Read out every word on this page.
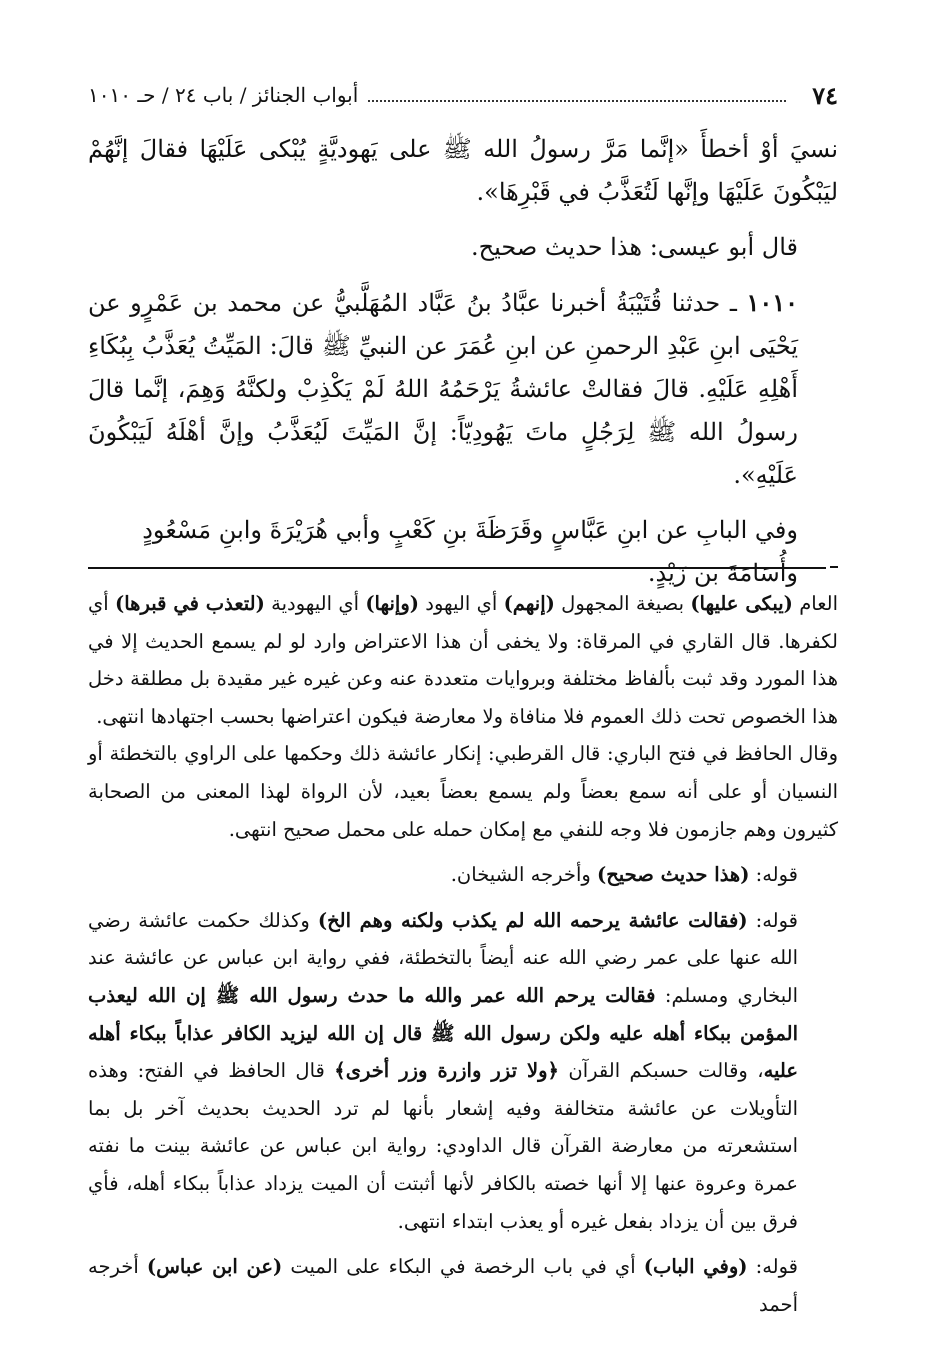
٧٤
أبواب الجنائز / باب ٢٤ / حـ ١٠١٠

نسيَ أوْ أخطأَ «إنَّما مَرَّ رسولُ الله ﷺ على يَهوديَّةٍ يُبْكى عَلَيْهَا فقالَ إنَّهُمْ ليَبْكُونَ عَلَيْهَا وإنَّها لَتُعَذَّبُ في قَبْرِهَا».

قال أبو عيسى: هذا حديث صحيح.

١٠١٠ ـ حدثنا قُتَيْبَةُ أخبرنا عبَّادُ بنُ عَبَّاد المُهَلَّبيُّ عن محمد بن عَمْرٍو عن يَحْيَى ابنِ عَبْدِ الرحمنِ عن ابنِ عُمَرَ عن النبيِّ ﷺ قالَ: المَيِّتُ يُعَذَّبُ بِبُكَاءِ أَهْلِهِ عَلَيْهِ. قالَ فقالتْ عائشةُ يَرْحَمُهُ اللهُ لَمْ يَكْذِبْ ولكنَّهُ وَهِمَ، إنَّما قالَ رسولُ الله ﷺ لِرَجُلٍ ماتَ يَهُودِيّاً: إنَّ المَيِّتَ لَيُعَذَّبُ وإنَّ أهْلَهُ لَيَبْكُونَ عَلَيْهِ».

وفي البابِ عن ابنِ عَبَّاسٍ وقَرَظَةَ بنِ كَعْبٍ وأبي هُرَيْرَةَ وابنِ مَسْعُودٍ وأُسَامَةَ بن زَيْدٍ.

العام (يبكى عليها) بصيغة المجهول (إنهم) أي اليهود (وإنها) أي اليهودية (لتعذب في قبرها) أي لكفرها. قال القاري في المرقاة: ولا يخفى أن هذا الاعتراض وارد لو لم يسمع الحديث إلا في هذا المورد وقد ثبت بألفاظ مختلفة وبروايات متعددة عنه وعن غيره غير مقيدة بل مطلقة دخل هذا الخصوص تحت ذلك العموم فلا منافاة ولا معارضة فيكون اعتراضها بحسب اجتهادها انتهى.

وقال الحافظ في فتح الباري: قال القرطبي: إنكار عائشة ذلك وحكمها على الراوي بالتخطئة أو النسيان أو على أنه سمع بعضاً ولم يسمع بعضاً بعيد، لأن الرواة لهذا المعنى من الصحابة كثيرون وهم جازمون فلا وجه للنفي مع إمكان حمله على محمل صحيح انتهى.

قوله: (هذا حديث صحيح) وأخرجه الشيخان.

قوله: (فقالت عائشة يرحمه الله لم يكذب ولكنه وهم الخ) وكذلك حكمت عائشة رضي الله عنها على عمر رضي الله عنه أيضاً بالتخطئة، ففي رواية ابن عباس عن عائشة عند البخاري ومسلم: فقالت يرحم الله عمر والله ما حدث رسول الله ﷺ إن الله ليعذب المؤمن ببكاء أهله عليه ولكن رسول الله ﷺ قال إن الله ليزيد الكافر عذاباً ببكاء أهله عليه، وقالت حسبكم القرآن ﴿ولا تزر وازرة وزر أخرى﴾ قال الحافظ في الفتح: وهذه التأويلات عن عائشة متخالفة وفيه إشعار بأنها لم ترد الحديث بحديث آخر بل بما استشعرته من معارضة القرآن قال الداودي: رواية ابن عباس عن عائشة بينت ما نفته عمرة وعروة عنها إلا أنها خصته بالكافر لأنها أثبتت أن الميت يزداد عذاباً ببكاء أهله، فأي فرق بين أن يزداد بفعل غيره أو يعذب ابتداء انتهى.

قوله: (وفي الباب) أي في باب الرخصة في البكاء على الميت (عن ابن عباس) أخرجه أحمد
